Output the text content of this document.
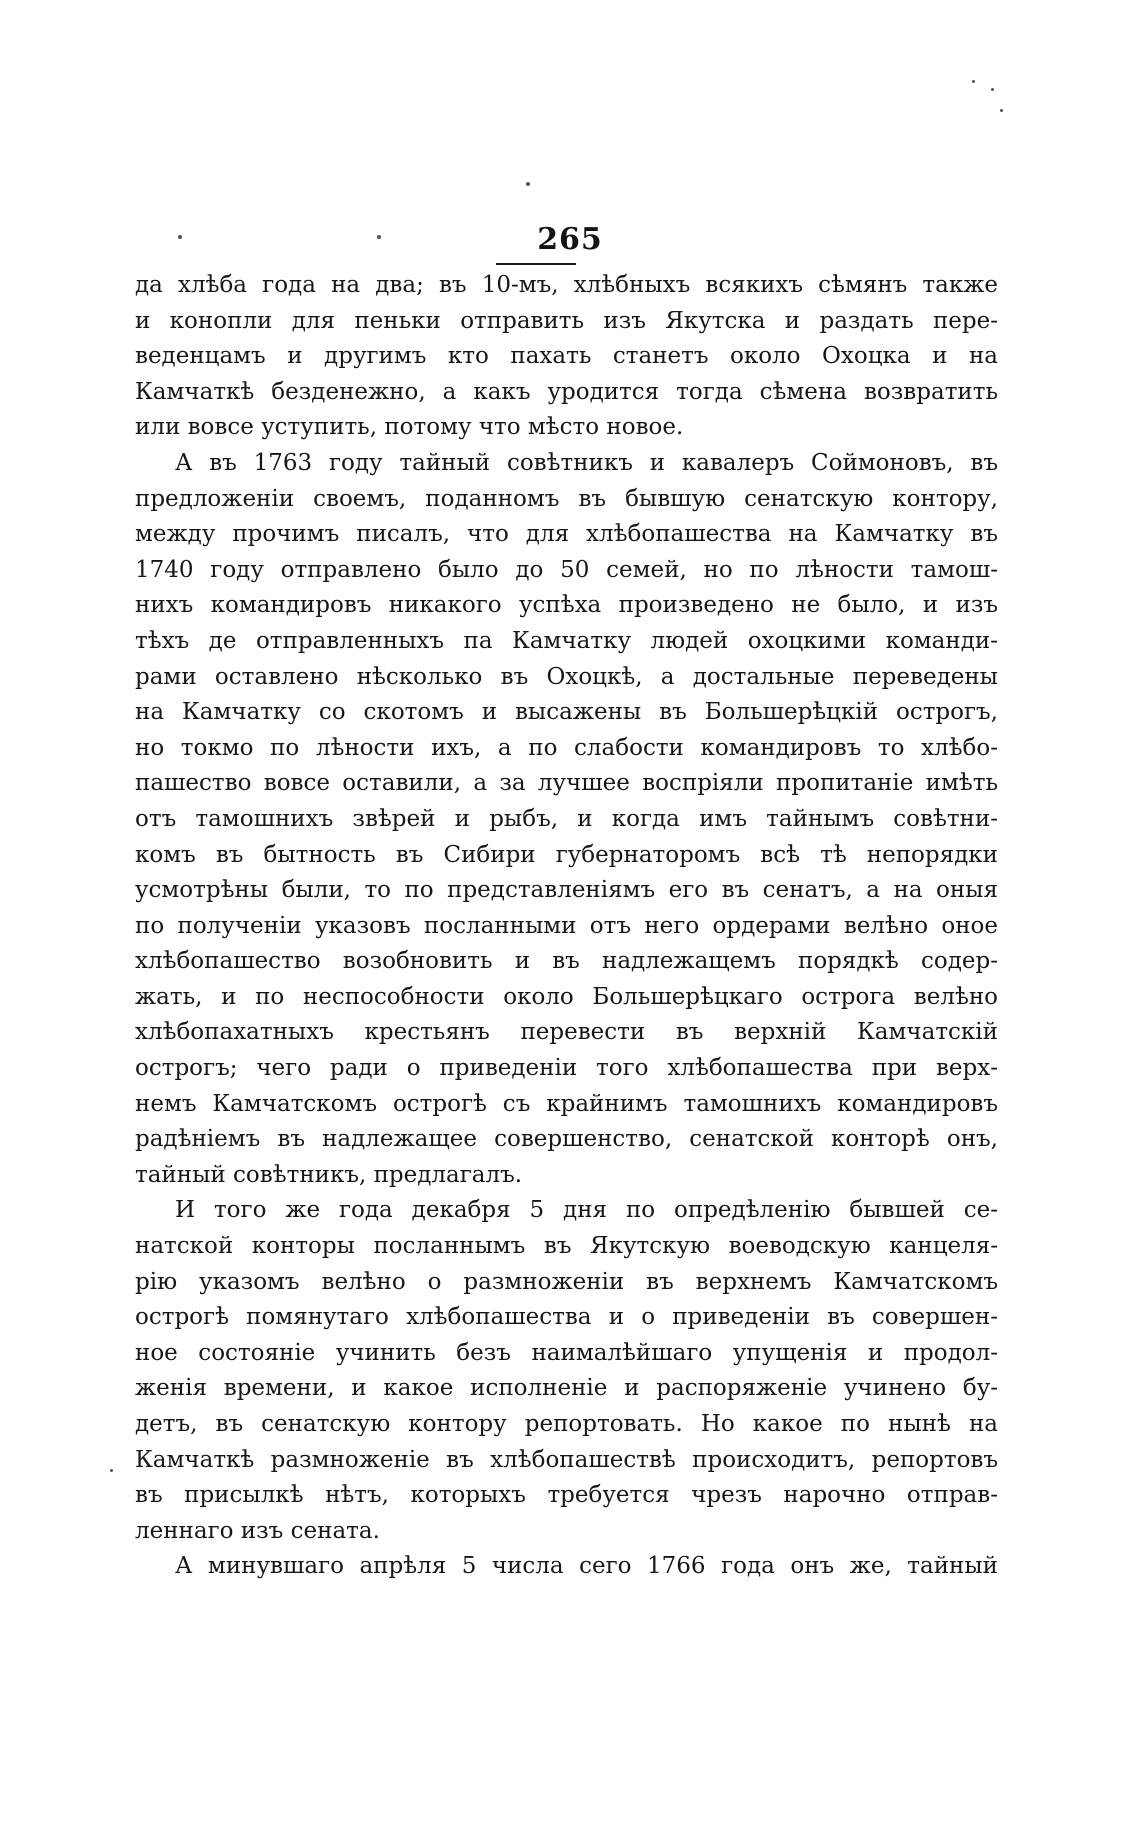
265
да хлѣба года на два; въ 10-мъ, хлѣбныхъ всякихъ сѣмянъ также
и конопли для пеньки отправить изъ Якутска и раздать пере-
веденцамъ и другимъ кто пахать станетъ около Охоцка и на
Камчаткѣ безденежно, а какъ уродится тогда сѣмена возвратить
или вовсе уступить, потому что мѣсто новое.
А въ 1763 году тайный совѣтникъ и кавалеръ Соймоновъ, въ
предложеніи своемъ, поданномъ въ бывшую сенатскую контору,
между прочимъ писалъ, что для хлѣбопашества на Камчатку въ
1740 году отправлено было до 50 семей, но по лѣности тамош-
нихъ командировъ никакого успѣха произведено не было, и изъ
тѣхъ де отправленныхъ па Камчатку людей охоцкими команди-
рами оставлено нѣсколько въ Охоцкѣ, а достальные переведены
на Камчатку со скотомъ и высажены въ Большерѣцкій острогъ,
но токмо по лѣности ихъ, а по слабости командировъ то хлѣбо-
пашество вовсе оставили, а за лучшее воспріяли пропитаніе имѣть
отъ тамошнихъ звѣрей и рыбъ, и когда имъ тайнымъ совѣтни-
комъ въ бытность въ Сибири губернаторомъ всѣ тѣ непорядки
усмотрѣны были, то по представленіямъ его въ сенатъ, а на оныя
по полученіи указовъ посланными отъ него ордерами велѣно оное
хлѣбопашество возобновить и въ надлежащемъ порядкѣ содер-
жать, и по неспособности около Большерѣцкаго острога велѣно
хлѣбопахатныхъ крестьянъ перевести въ верхній Камчатскій
острогъ; чего ради о приведеніи того хлѣбопашества при верх-
немъ Камчатскомъ острогѣ съ крайнимъ тамошнихъ командировъ
радѣніемъ въ надлежащее совершенство, сенатской конторѣ онъ,
тайный совѣтникъ, предлагалъ.
И того же года декабря 5 дня по опредѣленію бывшей се-
натской конторы посланнымъ въ Якутскую воеводскую канцеля-
рію указомъ велѣно о размноженіи въ верхнемъ Камчатскомъ
острогѣ помянутаго хлѣбопашества и о приведеніи въ совершен-
ное состояніе учинить безъ наималѣйшаго упущенія и продол-
женія времени, и какое исполненіе и распоряженіе учинено бу-
детъ, въ сенатскую контору репортовать. Но какое по нынѣ на
Камчаткѣ размноженіе въ хлѣбопашествѣ происходитъ, репортовъ
въ присылкѣ нѣтъ, которыхъ требуется чрезъ нарочно отправ-
леннаго изъ сената.
А минувшаго апрѣля 5 числа сего 1766 года онъ же, тайный
